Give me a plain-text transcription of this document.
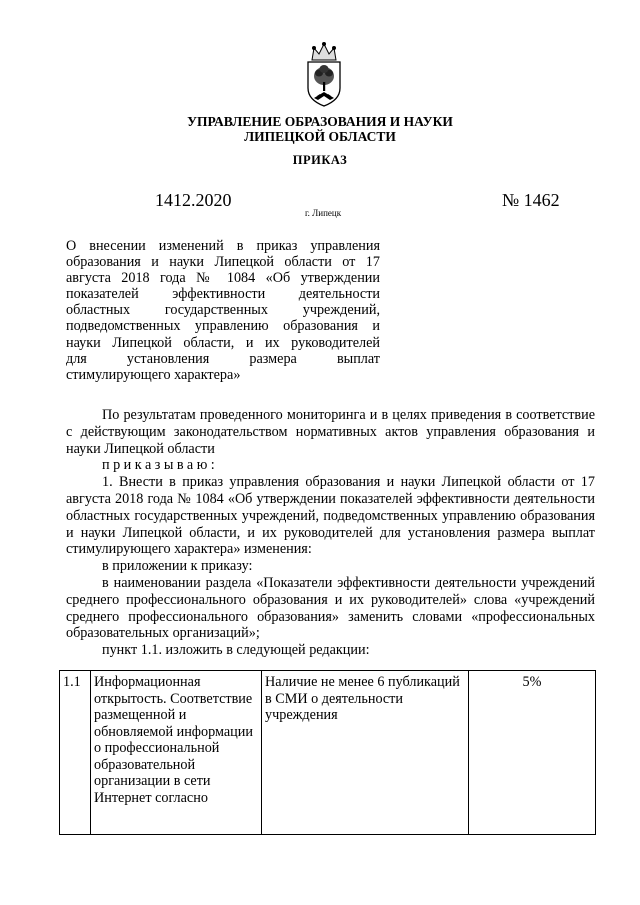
УПРАВЛЕНИЕ ОБРАЗОВАНИЯ И НАУКИ
ЛИПЕЦКОЙ ОБЛАСТИ
ПРИКАЗ
1412.2020
г. Липецк
№ 1462
О внесении изменений в приказ управления
образования и науки Липецкой области от 17
августа 2018 года № 1084 «Об утверждении
показателей эффективности деятельности
областных государственных учреждений,
подведомственных управлению образования и
науки Липецкой области, и их руководителей
для установления размера выплат
стимулирующего характера»

По результатам проведенного мониторинга и в целях приведения в соответствие с действующим законодательством нормативных актов управления образования и науки Липецкой области

приказываю:

1. Внести в приказ управления образования и науки Липецкой области от 17 августа 2018 года № 1084 «Об утверждении показателей эффективности деятельности областных государственных учреждений, подведомственных управлению образования и науки Липецкой области, и их руководителей для установления размера выплат стимулирующего характера» изменения:

в приложении к приказу:

в наименовании раздела «Показатели эффективности деятельности учреждений среднего профессионального образования и их руководителей» слова «учреждений среднего профессионального образования» заменить словами «профессиональных образовательных организаций»;

пункт 1.1. изложить в следующей редакции:

1.1	Информационная открытость. Соответствие размещенной и обновляемой информации о профессиональной образовательной организации в сети Интернет согласно	Наличие не менее 6 публикаций в СМИ о деятельности учреждения	5%
